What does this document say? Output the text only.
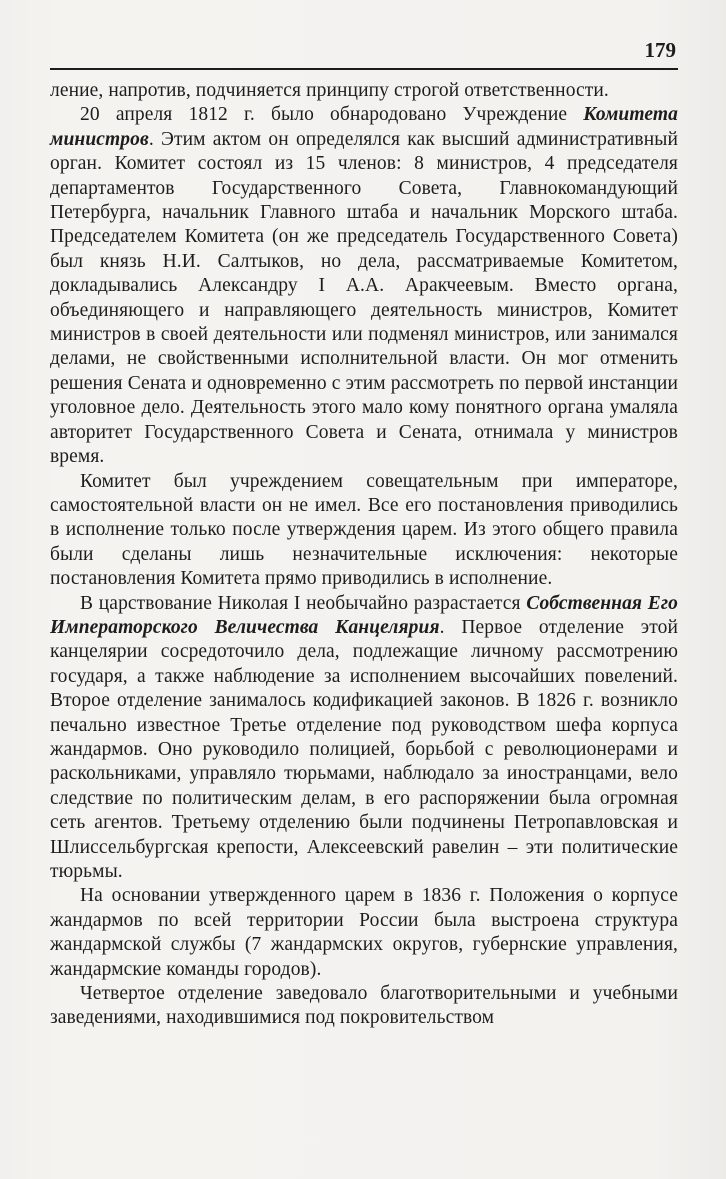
179

ление, напротив, подчиняется принципу строгой ответственности.

20 апреля 1812 г. было обнародовано Учреждение Комитета министров. Этим актом он определялся как высший административный орган. Комитет состоял из 15 членов: 8 министров, 4 председателя департаментов Государственного Совета, Главнокомандующий Петербурга, начальник Главного штаба и начальник Морского штаба. Председателем Комитета (он же председатель Государственного Совета) был князь Н.И. Салтыков, но дела, рассматриваемые Комитетом, докладывались Александру I А.А. Аракчеевым. Вместо органа, объединяющего и направляющего деятельность министров, Комитет министров в своей деятельности или подменял министров, или занимался делами, не свойственными исполнительной власти. Он мог отменить решения Сената и одновременно с этим рассмотреть по первой инстанции уголовное дело. Деятельность этого мало кому понятного органа умаляла авторитет Государственного Совета и Сената, отнимала у министров время.

Комитет был учреждением совещательным при императоре, самостоятельной власти он не имел. Все его постановления приводились в исполнение только после утверждения царем. Из этого общего правила были сделаны лишь незначительные исключения: некоторые постановления Комитета прямо приводились в исполнение.

В царствование Николая I необычайно разрастается Собственная Его Императорского Величества Канцелярия. Первое отделение этой канцелярии сосредоточило дела, подлежащие личному рассмотрению государя, а также наблюдение за исполнением высочайших повелений. Второе отделение занималось кодификацией законов. В 1826 г. возникло печально известное Третье отделение под руководством шефа корпуса жандармов. Оно руководило полицией, борьбой с революционерами и раскольниками, управляло тюрьмами, наблюдало за иностранцами, вело следствие по политическим делам, в его распоряжении была огромная сеть агентов. Третьему отделению были подчинены Петропавловская и Шлиссельбургская крепости, Алексеевский равелин – эти политические тюрьмы.

На основании утвержденного царем в 1836 г. Положения о корпусе жандармов по всей территории России была выстроена структура жандармской службы (7 жандармских округов, губернские управления, жандармские команды городов).

Четвертое отделение заведовало благотворительными и учебными заведениями, находившимися под покровительством
